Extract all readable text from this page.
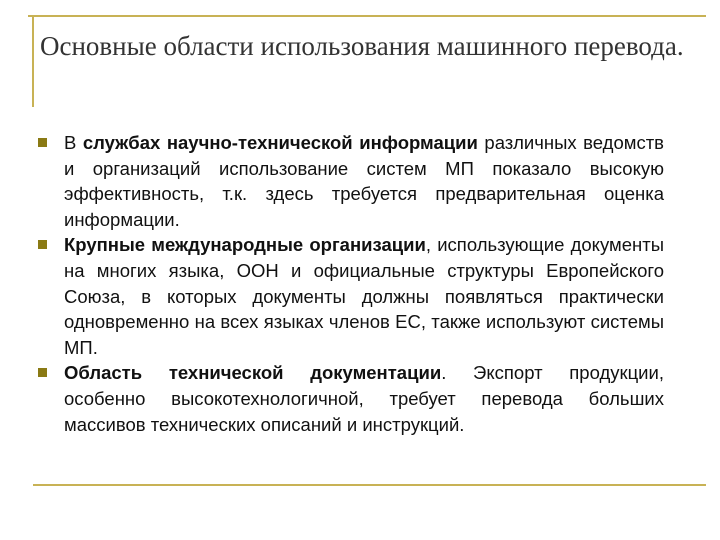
Основные области использования машинного перевода.
В службах научно-технической информации различных ведомств и организаций использование систем МП показало высокую эффективность, т.к. здесь требуется предварительная оценка информации.
Крупные международные организации, использующие документы на многих языка, ООН и официальные структуры Европейского Союза, в которых документы должны появляться практически одновременно на всех языках членов ЕС, также используют системы МП.
Область технической документации. Экспорт продукции, особенно высокотехнологичной, требует перевода больших массивов технических описаний и инструкций.
